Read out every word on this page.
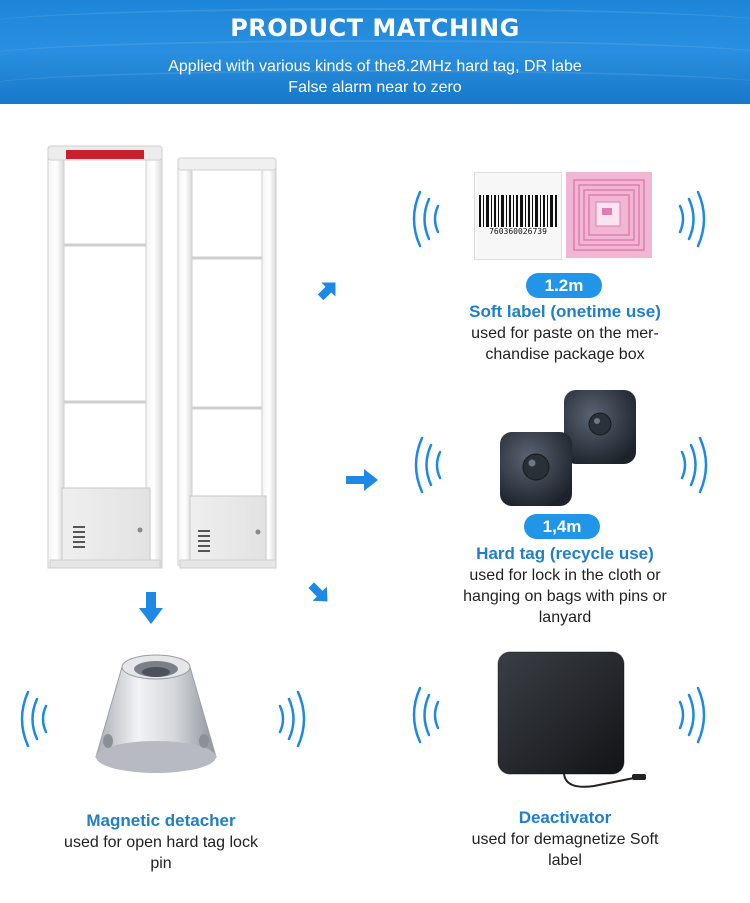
PRODUCT MATCHING
Applied with various kinds of the8.2MHz hard tag, DR labe
False alarm near to zero
760360026739
1.2m
Soft label (onetime use)
used for paste on the mer-
chandise package box
1,4m
Hard tag (recycle use)
used for lock in the cloth or
hanging on bags with pins or
lanyard
Magnetic detacher
used for open hard tag lock
pin
Deactivator
used for demagnetize Soft
label
